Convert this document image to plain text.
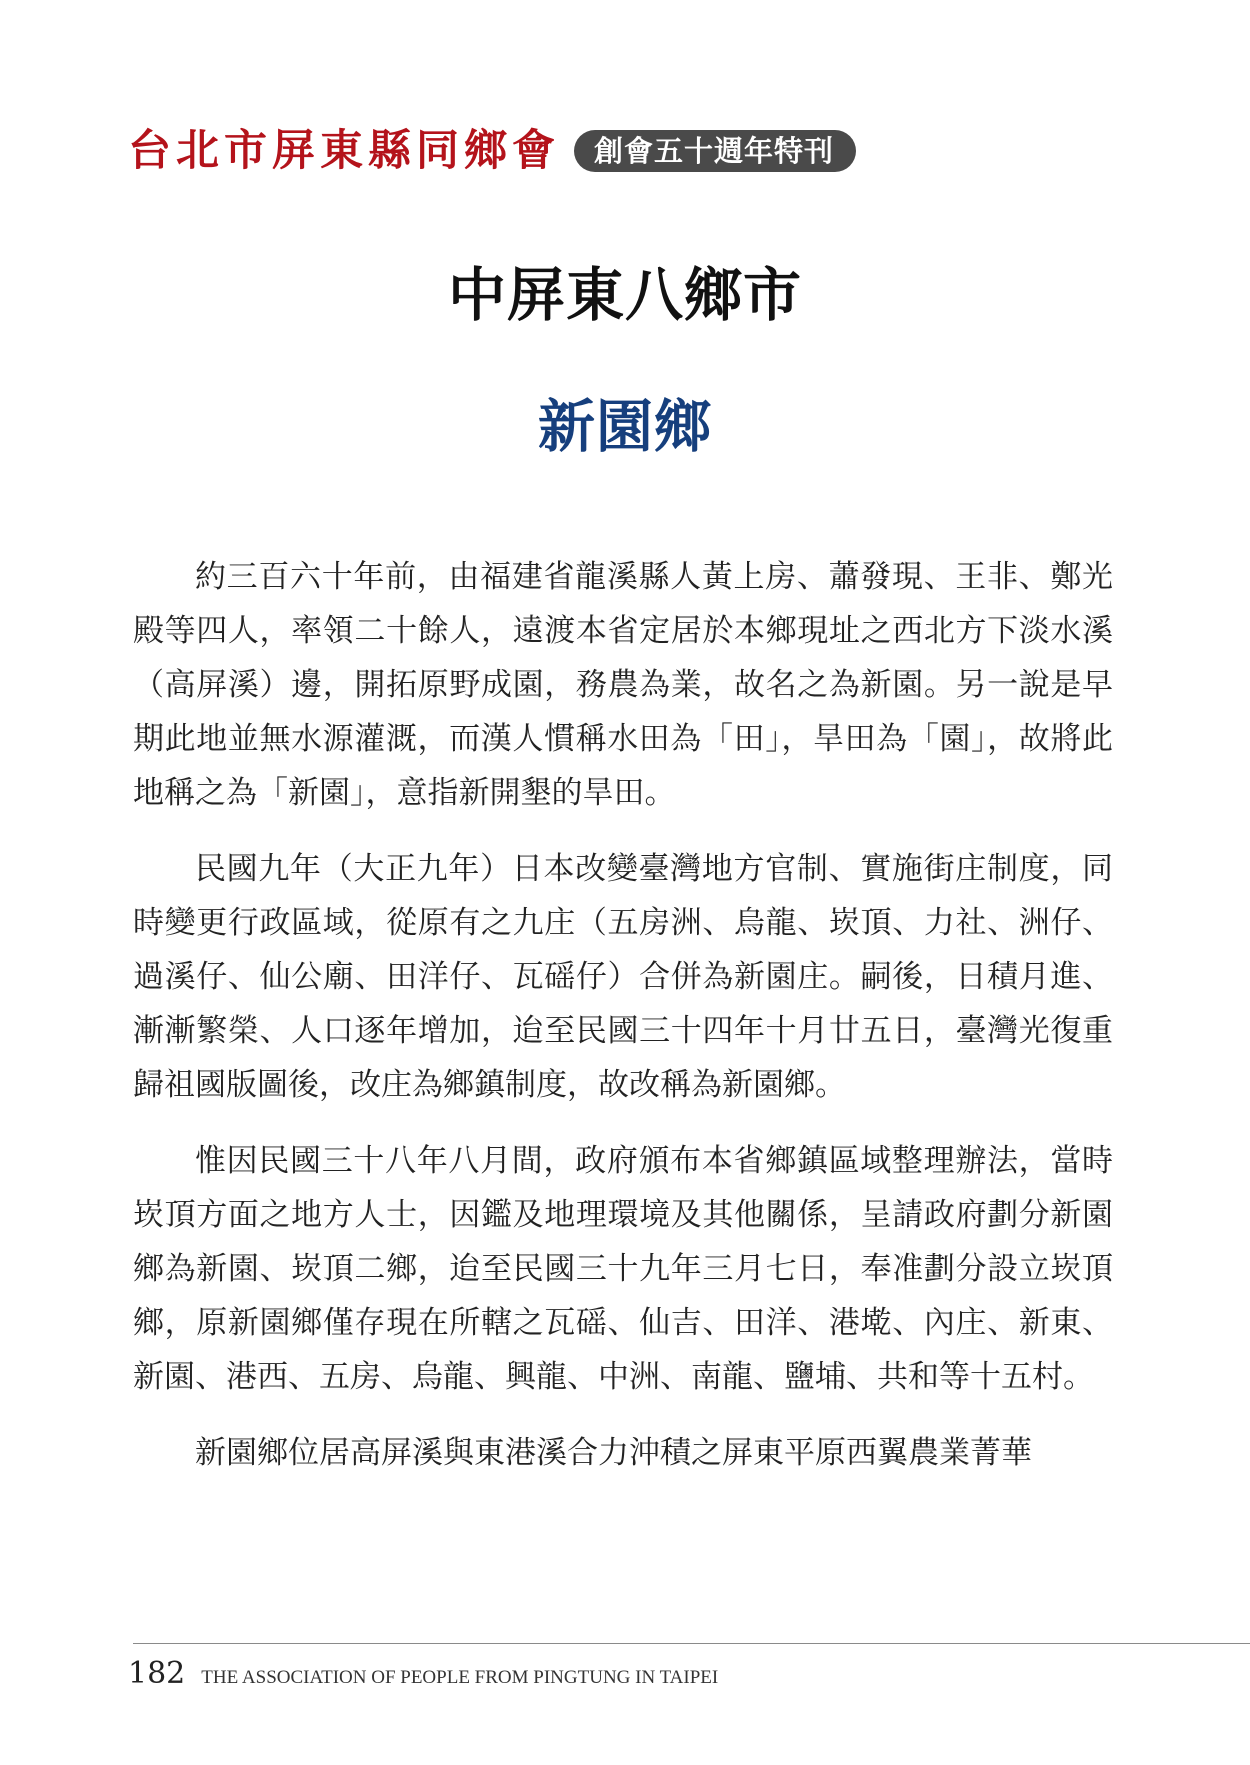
台北市屏東縣同鄉會	創會五十週年特刊
中屏東八鄉市
新園鄉

約三百六十年前，由福建省龍溪縣人黃上房、蕭發現、王非、鄭光殿等四人，率領二十餘人，遠渡本省定居於本鄉現址之西北方下淡水溪（高屏溪）邊，開拓原野成園，務農為業，故名之為新園。另一說是早期此地並無水源灌溉，而漢人慣稱水田為「田」，旱田為「園」，故將此地稱之為「新園」，意指新開墾的旱田。

民國九年（大正九年）日本改變臺灣地方官制、實施街庄制度，同時變更行政區域，從原有之九庄（五房洲、烏龍、崁頂、力社、洲仔、過溪仔、仙公廟、田洋仔、瓦磘仔）合併為新園庄。嗣後，日積月進、漸漸繁榮、人口逐年增加，迨至民國三十四年十月廿五日，臺灣光復重歸祖國版圖後，改庄為鄉鎮制度，故改稱為新園鄉。

惟因民國三十八年八月間，政府頒布本省鄉鎮區域整理辦法，當時崁頂方面之地方人士，因鑑及地理環境及其他關係，呈請政府劃分新園鄉為新園、崁頂二鄉，迨至民國三十九年三月七日，奉准劃分設立崁頂鄉，原新園鄉僅存現在所轄之瓦磘、仙吉、田洋、港墘、內庄、新東、新園、港西、五房、烏龍、興龍、中洲、南龍、鹽埔、共和等十五村。

新園鄉位居高屏溪與東港溪合力沖積之屏東平原西翼農業菁華

182 THE ASSOCIATION OF PEOPLE FROM PINGTUNG IN TAIPEI
